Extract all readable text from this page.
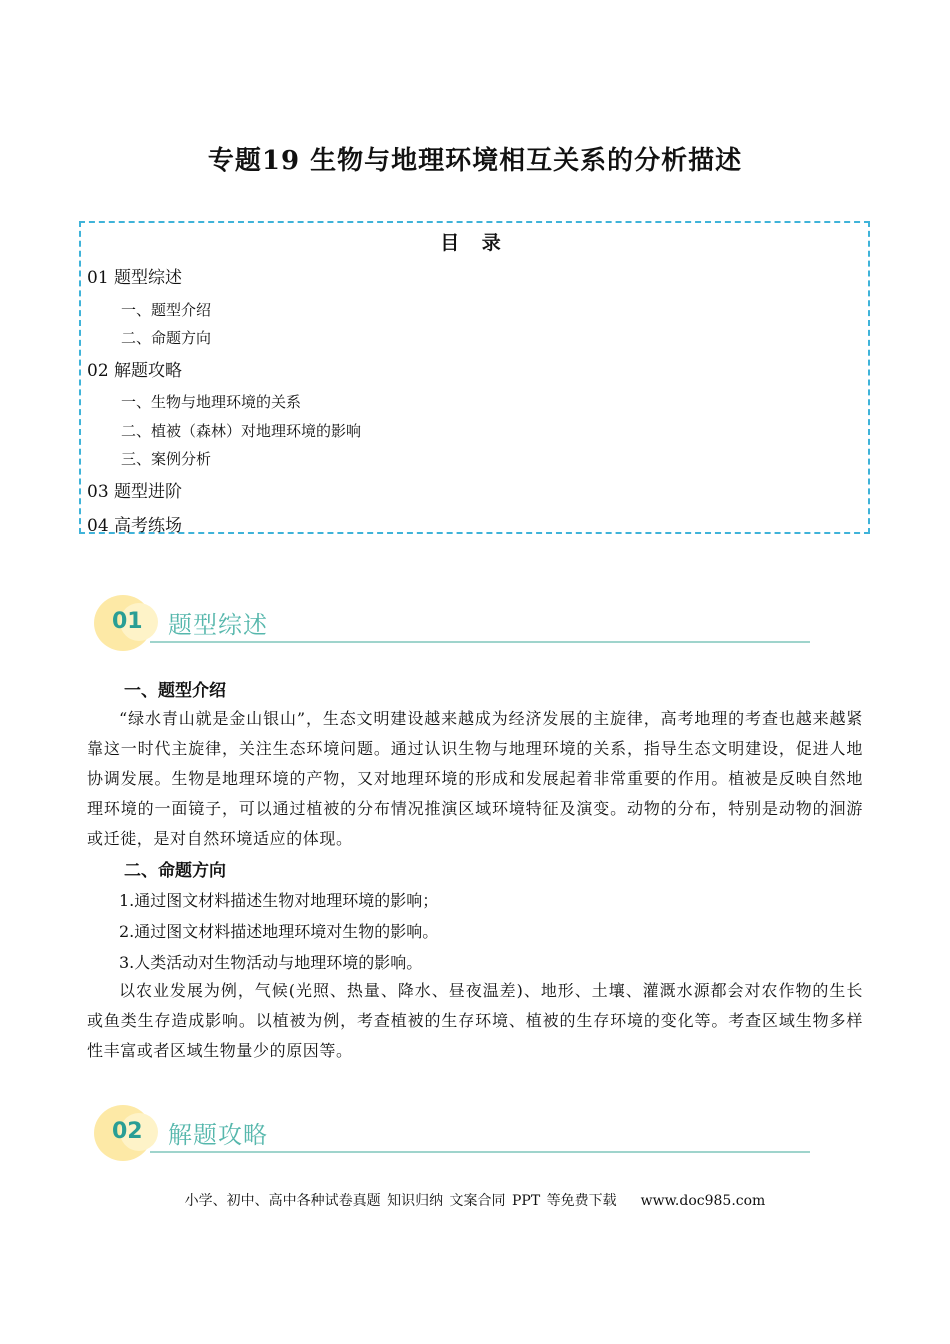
专题19 生物与地理环境相互关系的分析描述
目 录
01 题型综述
一、题型介绍
二、命题方向
02 解题攻略
一、生物与地理环境的关系
二、植被（森林）对地理环境的影响
三、案例分析
03 题型进阶
04 高考练场
01 题型综述
一、题型介绍
“绿水青山就是金山银山”，生态文明建设越来越成为经济发展的主旋律，高考地理的考查也越来越紧靠这一时代主旋律，关注生态环境问题。通过认识生物与地理环境的关系，指导生态文明建设，促进人地协调发展。生物是地理环境的产物，又对地理环境的形成和发展起着非常重要的作用。植被是反映自然地理环境的一面镜子，可以通过植被的分布情况推演区域环境特征及演变。动物的分布，特别是动物的洄游或迁徙，是对自然环境适应的体现。
二、命题方向
1.通过图文材料描述生物对地理环境的影响；
2.通过图文材料描述地理环境对生物的影响。
3.人类活动对生物活动与地理环境的影响。
以农业发展为例，气候(光照、热量、降水、昼夜温差)、地形、土壤、灌溉水源都会对农作物的生长或鱼类生存造成影响。以植被为例，考查植被的生存环境、植被的生存环境的变化等。考查区域生物多样性丰富或者区域生物量少的原因等。
02 解题攻略
小学、初中、高中各种试卷真题 知识归纳 文案合同 PPT 等免费下载 www.doc985.com
